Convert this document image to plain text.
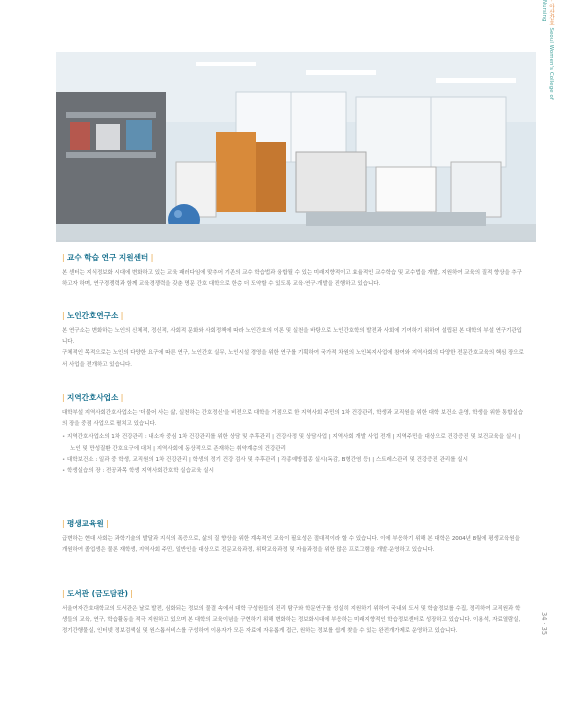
· 아산간호 Seoul Women's College of Nursing
| 교수 학습 연구 지원센터 |

본 센터는 지식정보화 시대에 변화하고 있는 교육 패러다임에 맞추어 기존의 교수 학습법과 융합될 수 있는 미래지향적이고 효율적인 교수학습 및 교수법을 개발, 지원하여 교육의 질적 향상을 추구하고자 하며, 연구경쟁력과 함께 교육경쟁력을 갖춘 명문 간호 대학으로 한층 더 도약할 수 있도록 교육·연구·개발을 진행하고 있습니다.

| 노인간호연구소 |

본 연구소는 변화하는 노인의 신체적, 정신적, 사회적 문화와 사회정책에 따라 노인간호의 이론 및 실천을 바탕으로 노인간호학의 발전과 사회에 기여하기 위하여 설립된 본 대학의 부설 연구기관입니다.

구체적인 목적으로는 노인의 다양한 요구에 따른 연구, 노인간호 실무, 노인시설 경영을 위한 연구를 기획하여 국가적 차원의 노인복지사업에 참여와 지역사회의 다양한 전문간호교육의 핵심 장으로서 사업을 전개하고 있습니다.

| 지역간호사업소 |

대학부설 지역사회간호사업소는 '더불어 사는 삶, 실천하는 간호정신'을 비전으로 대학을 거점으로 한 지역사회 주민의 1차 건강관리, 학생과 교직원을 위한 대학 보건소 운영, 학생을 위한 통합실습의 장을 중점 사업으로 펼치고 있습니다.

• 지역간호사업소의 1차 건강관리 : 내소자 중심 1차 건강관리를 위한 상담 및 추후관리 | 건강사정 및 상담사업 | 지역사회 개발 사업 전개 | 지역주민을 대상으로 건강증진 및 보건교육을 실시 | 노인 및 만성질환 간호요구에 대처 | 지역사회에 동상적으로 존재하는 취약계층의 건강관리
• 대학보건소 : 일과 중 학생, 교직원의 1차 건강관리 | 학생의 정기 건강 검사 및 추후관리 | 각종예방접종 실시(독감, B형간염 등) | 스트레스관리 및 건강증진 관리를 실시
• 학생실습의 장 : 전공과목 학생 지역사회간호학 실습교육 실시
| 평생교육원 |

급변하는 현대 사회는 과학기술의 발달과 지식의 폭증으로, 삶의 질 향상을 위한 계속적인 교육이 필요성은 절대적이라 할 수 있습니다. 이에 부응하기 위해 본 대학은 2004년 8월에 평생교육원을 개원하여 졸업생은 물론 재학생, 지역사회 주민, 일반인을 대상으로 전문교육과정, 위탁교육과정 및 자율과정을 위한 많은 프로그램을 개발·운영하고 있습니다.

| 도서관 (금도담관) |

서울여자간호대학교의 도서관은 날로 발전, 심화되는 정보의 물결 속에서 대학 구성원들의 진리 탐구와 학문연구를 성실히 지원하기 위하여 국내외 도서 및 학술정보를 수집, 정리하여 교직원과 학생들의 교육, 연구, 학습활동을 적극 지원하고 있으며 본 대학의 교육이념을 구현하기 위해 변화하는 정보화시대에 부응하는 미래지향적인 학습정보센터로 성장하고 있습니다. 이용석, 자료열람실, 정기간행물실, 인터넷 정보검색실 및 원스톱서비스를 구성하여 이용자가 모든 자료에 자유롭게 접근, 원하는 정보를 쉽게 찾을 수 있는 완전개가제로 운영하고 있습니다.	34 · 35
